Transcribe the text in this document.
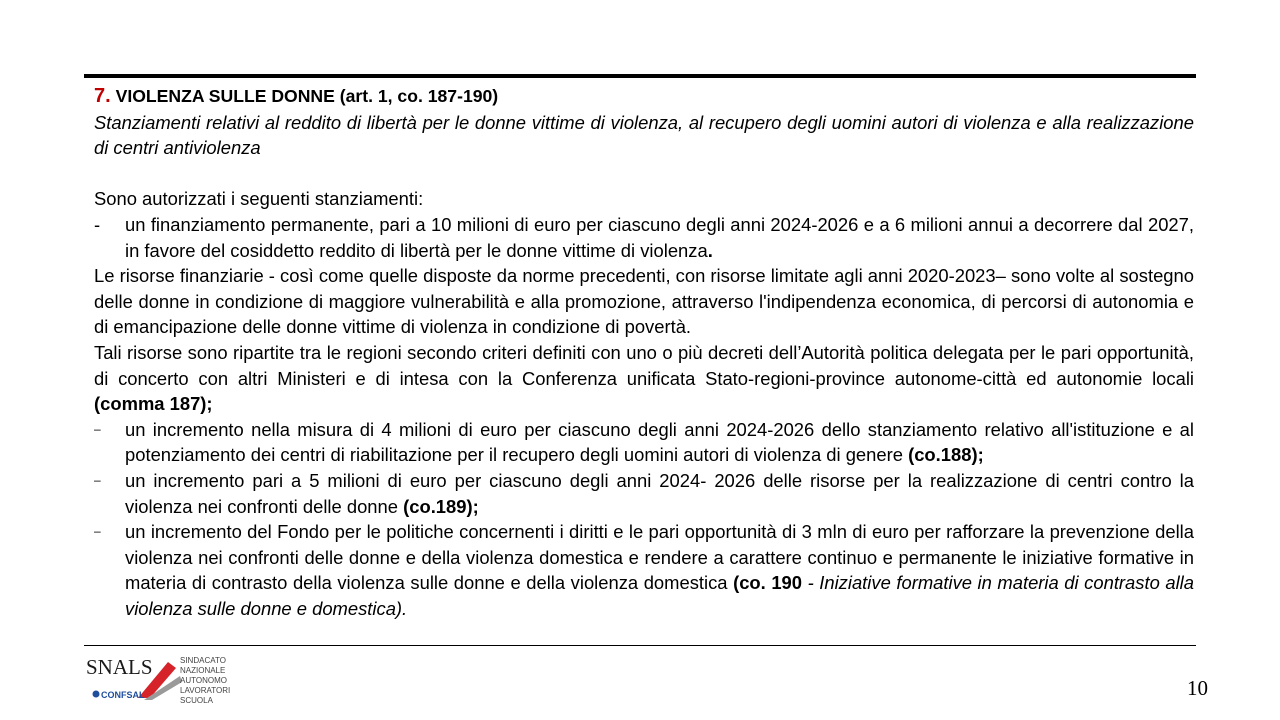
7. VIOLENZA SULLE DONNE (art. 1, co. 187-190)

Stanziamenti relativi al reddito di libertà per le donne vittime di violenza, al recupero degli uomini autori di violenza e alla realizzazione di centri antiviolenza

Sono autorizzati i seguenti stanziamenti:

- un finanziamento permanente, pari a 10 milioni di euro per ciascuno degli anni 2024-2026 e a 6 milioni annui a decorrere dal 2027, in favore del cosiddetto reddito di libertà per le donne vittime di violenza.

Le risorse finanziarie - così come quelle disposte da norme precedenti, con risorse limitate agli anni 2020-2023– sono volte al sostegno delle donne in condizione di maggiore vulnerabilità e alla promozione, attraverso l'indipendenza economica, di percorsi di autonomia e di emancipazione delle donne vittime di violenza in condizione di povertà.

Tali risorse sono ripartite tra le regioni secondo criteri definiti con uno o più decreti dell’Autorità politica delegata per le pari opportunità, di concerto con altri Ministeri e di intesa con la Conferenza unificata Stato-regioni-province autonome-città ed autonomie locali (comma 187);

– un incremento nella misura di 4 milioni di euro per ciascuno degli anni 2024-2026 dello stanziamento relativo all'istituzione e al potenziamento dei centri di riabilitazione per il recupero degli uomini autori di violenza di genere (co.188);

– un incremento pari a 5 milioni di euro per ciascuno degli anni 2024- 2026 delle risorse per la realizzazione di centri contro la violenza nei confronti delle donne (co.189);

– un incremento del Fondo per le politiche concernenti i diritti e le pari opportunità di 3 mln di euro per rafforzare la prevenzione della violenza nei confronti delle donne e della violenza domestica e rendere a carattere continuo e permanente le iniziative formative in materia di contrasto della violenza sulle donne e della violenza domestica (co. 190 - Iniziative formative in materia di contrasto alla violenza sulle donne e domestica).

SNALS
CONFSAL
SINDACATO
NAZIONALE
AUTONOMO
LAVORATORI
SCUOLA
10
